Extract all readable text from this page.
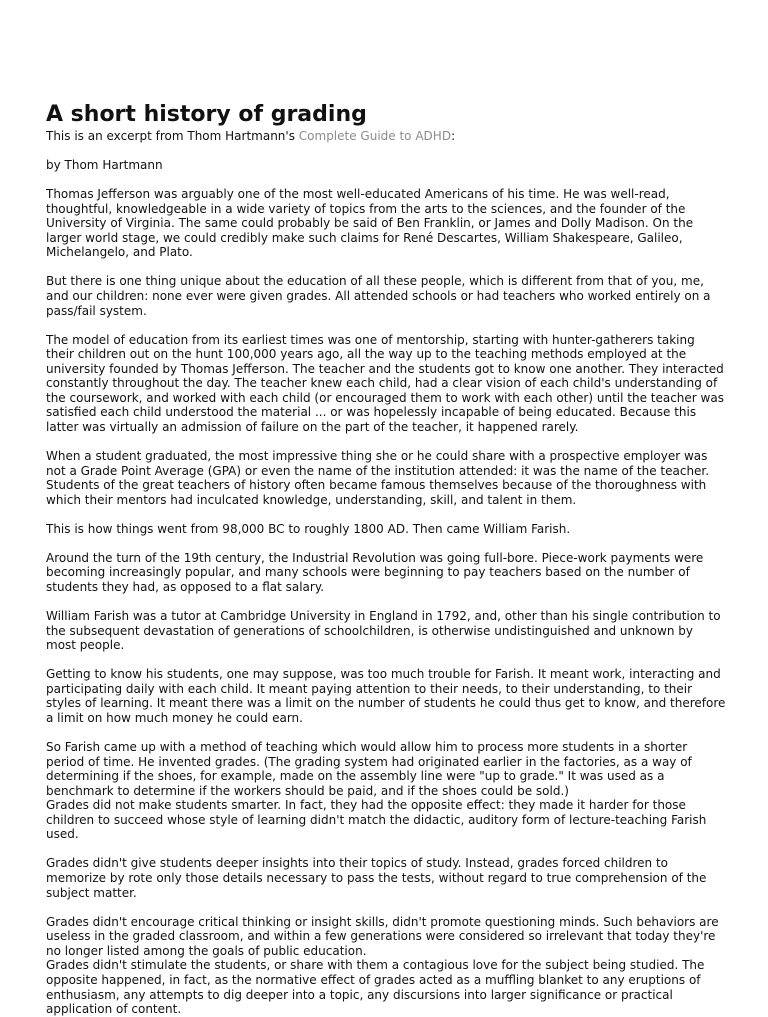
A short history of grading

This is an excerpt from Thom Hartmann's Complete Guide to ADHD:

by Thom Hartmann

Thomas Jefferson was arguably one of the most well-educated Americans of his time. He was well-read, thoughtful, knowledgeable in a wide variety of topics from the arts to the sciences, and the founder of the University of Virginia. The same could probably be said of Ben Franklin, or James and Dolly Madison. On the larger world stage, we could credibly make such claims for René Descartes, William Shakespeare, Galileo, Michelangelo, and Plato.

But there is one thing unique about the education of all these people, which is different from that of you, me, and our children: none ever were given grades. All attended schools or had teachers who worked entirely on a pass/fail system.

The model of education from its earliest times was one of mentorship, starting with hunter-gatherers taking their children out on the hunt 100,000 years ago, all the way up to the teaching methods employed at the university founded by Thomas Jefferson. The teacher and the students got to know one another. They interacted constantly throughout the day. The teacher knew each child, had a clear vision of each child's understanding of the coursework, and worked with each child (or encouraged them to work with each other) until the teacher was satisfied each child understood the material ... or was hopelessly incapable of being educated. Because this latter was virtually an admission of failure on the part of the teacher, it happened rarely.

When a student graduated, the most impressive thing she or he could share with a prospective employer was not a Grade Point Average (GPA) or even the name of the institution attended: it was the name of the teacher. Students of the great teachers of history often became famous themselves because of the thoroughness with which their mentors had inculcated knowledge, understanding, skill, and talent in them.

This is how things went from 98,000 BC to roughly 1800 AD. Then came William Farish.

Around the turn of the 19th century, the Industrial Revolution was going full-bore. Piece-work payments were becoming increasingly popular, and many schools were beginning to pay teachers based on the number of students they had, as opposed to a flat salary.

William Farish was a tutor at Cambridge University in England in 1792, and, other than his single contribution to the subsequent devastation of generations of schoolchildren, is otherwise undistinguished and unknown by most people.

Getting to know his students, one may suppose, was too much trouble for Farish. It meant work, interacting and participating daily with each child. It meant paying attention to their needs, to their understanding, to their styles of learning. It meant there was a limit on the number of students he could thus get to know, and therefore a limit on how much money he could earn.

So Farish came up with a method of teaching which would allow him to process more students in a shorter period of time. He invented grades. (The grading system had originated earlier in the factories, as a way of determining if the shoes, for example, made on the assembly line were "up to grade." It was used as a benchmark to determine if the workers should be paid, and if the shoes could be sold.)

Grades did not make students smarter. In fact, they had the opposite effect: they made it harder for those children to succeed whose style of learning didn't match the didactic, auditory form of lecture-teaching Farish used.

Grades didn't give students deeper insights into their topics of study. Instead, grades forced children to memorize by rote only those details necessary to pass the tests, without regard to true comprehension of the subject matter.

Grades didn't encourage critical thinking or insight skills, didn't promote questioning minds. Such behaviors are useless in the graded classroom, and within a few generations were considered so irrelevant that today they're no longer listed among the goals of public education.

Grades didn't stimulate the students, or share with them a contagious love for the subject being studied. The opposite happened, in fact, as the normative effect of grades acted as a muffling blanket to any eruptions of enthusiasm, any attempts to dig deeper into a topic, any discursions into larger significance or practical application of content.
